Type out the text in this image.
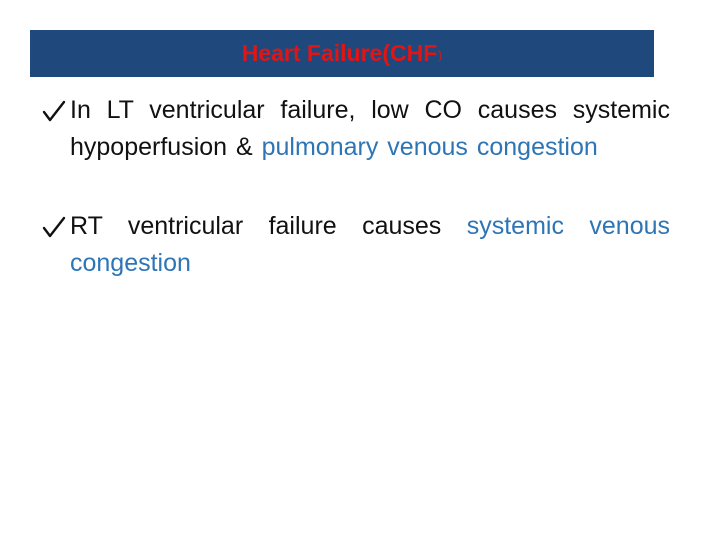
Heart Failure(CHF )
In LT ventricular failure, low CO causes systemic hypoperfusion & pulmonary venous congestion
RT ventricular failure causes systemic venous congestion
